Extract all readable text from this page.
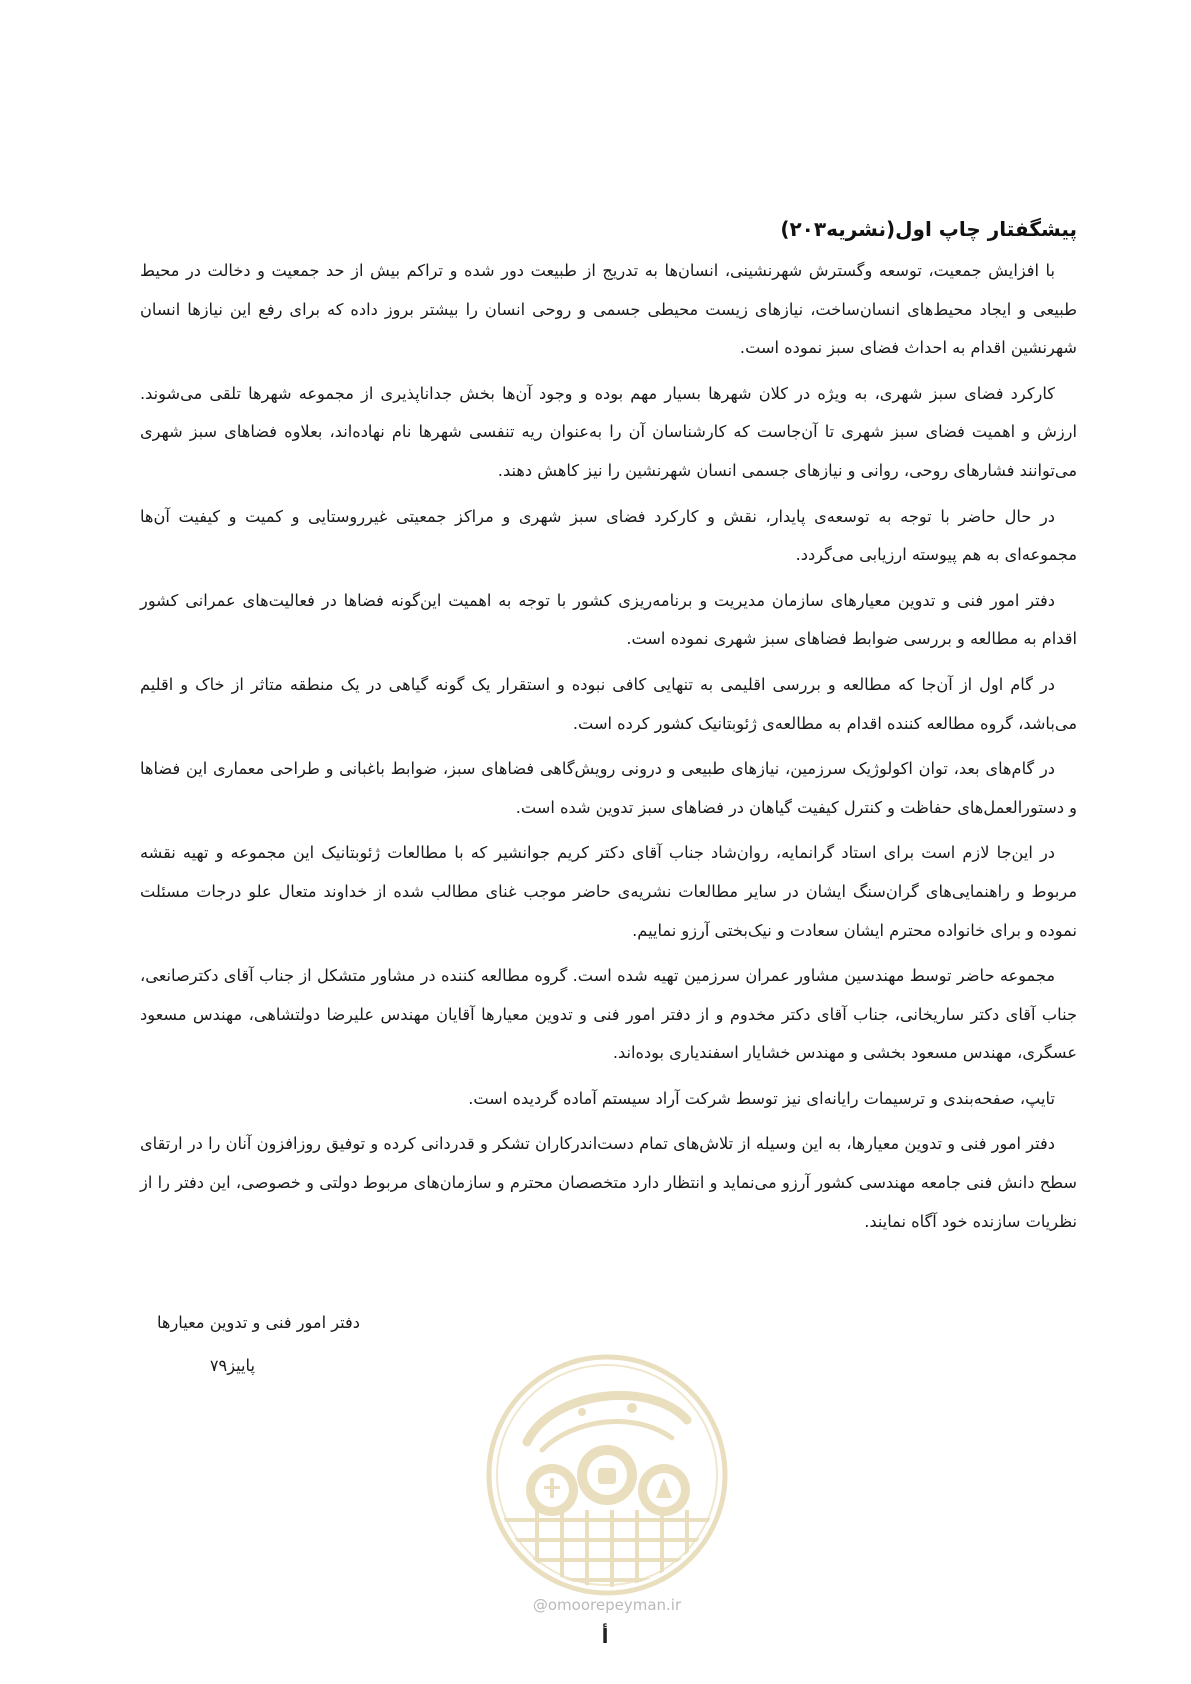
پیشگفتار چاپ اول(نشریه۲۰۳)

با افزایش جمعیت، توسعه وگسترش شهرنشینی، انسان‌ها به تدریج از طبیعت دور شده و تراکم بیش از حد جمعیت و دخالت در محیط طبیعی و ایجاد محیط‌های انسان‌ساخت، نیازهای زیست محیطی جسمی و روحی انسان را بیشتر بروز داده که برای رفع این نیازها انسان شهرنشین اقدام به احداث فضای سبز نموده است.

کارکرد فضای سبز شهری، به ویژه در کلان شهرها بسیار مهم بوده و وجود آن‌ها بخش جداناپذیری از مجموعه شهرها تلقی می‌شوند. ارزش و اهمیت فضای سبز شهری تا آن‌جاست که کارشناسان آن را به‌عنوان ریه تنفسی شهرها نام نهاده‌اند، بعلاوه فضاهای سبز شهری می‌توانند فشارهای روحی، روانی و نیازهای جسمی انسان شهرنشین را نیز کاهش دهند.

در حال حاضر با توجه به توسعه‌ی پایدار، نقش و کارکرد فضای سبز شهری و مراکز جمعیتی غیرروستایی و کمیت و کیفیت آن‌ها مجموعه‌ای به هم پیوسته ارزیابی می‌گردد.

دفتر امور فنی و تدوین معیارهای سازمان مدیریت و برنامه‌ریزی کشور با توجه به اهمیت این‌گونه فضاها در فعالیت‌های عمرانی کشور اقدام به مطالعه و بررسی ضوابط فضاهای سبز شهری نموده است.

در گام اول از آن‌جا که مطالعه و بررسی اقلیمی به تنهایی کافی نبوده و استقرار یک گونه گیاهی در یک منطقه متاثر از خاک و اقلیم می‌باشد، گروه مطالعه کننده اقدام به مطالعه‌ی ژئوبتانیک کشور کرده است.

در گام‌های بعد، توان اکولوژیک سرزمین، نیازهای طبیعی و درونی رویش‌گاهی فضاهای سبز، ضوابط باغبانی و طراحی معماری این فضاها و دستورالعمل‌های حفاظت و کنترل کیفیت گیاهان در فضاهای سبز تدوین شده است.

در این‌جا لازم است برای استاد گرانمایه، روان‌شاد جناب آقای دکتر کریم جوانشیر که با مطالعات ژئوبتانیک این مجموعه و تهیه نقشه مربوط و راهنمایی‌های گران‌سنگ ایشان در سایر مطالعات نشریه‌ی حاضر موجب غنای مطالب شده از خداوند متعال علو درجات مسئلت نموده و برای خانواده محترم ایشان سعادت و نیک‌بختی آرزو نماییم.

مجموعه حاضر توسط مهندسین مشاور عمران سرزمین تهیه شده است. گروه مطالعه کننده در مشاور متشکل از جناب آقای دکترصانعی، جناب آقای دکتر ساریخانی، جناب آقای دکتر مخدوم و از دفتر امور فنی و تدوین معیارها آقایان مهندس علیرضا دولتشاهی، مهندس مسعود عسگری، مهندس مسعود بخشی و مهندس خشایار اسفندیاری بوده‌اند.

تایپ، صفحه‌بندی و ترسیمات رایانه‌ای نیز توسط شرکت آراد سیستم آماده گردیده است.

دفتر امور فنی و تدوین معیارها، به این وسیله از تلاش‌های تمام دست‌اندرکاران تشکر و قدردانی کرده و توفیق روزافزون آنان را در ارتقای سطح دانش فنی جامعه مهندسی کشور آرزو می‌نماید و انتظار دارد متخصصان محترم و سازمان‌های مربوط دولتی و خصوصی، این دفتر را از نظریات سازنده خود آگاه نمایند.

دفتر امور فنی و تدوین معیارها
پاییز۷۹
@omoorepeyman.ir
أ
